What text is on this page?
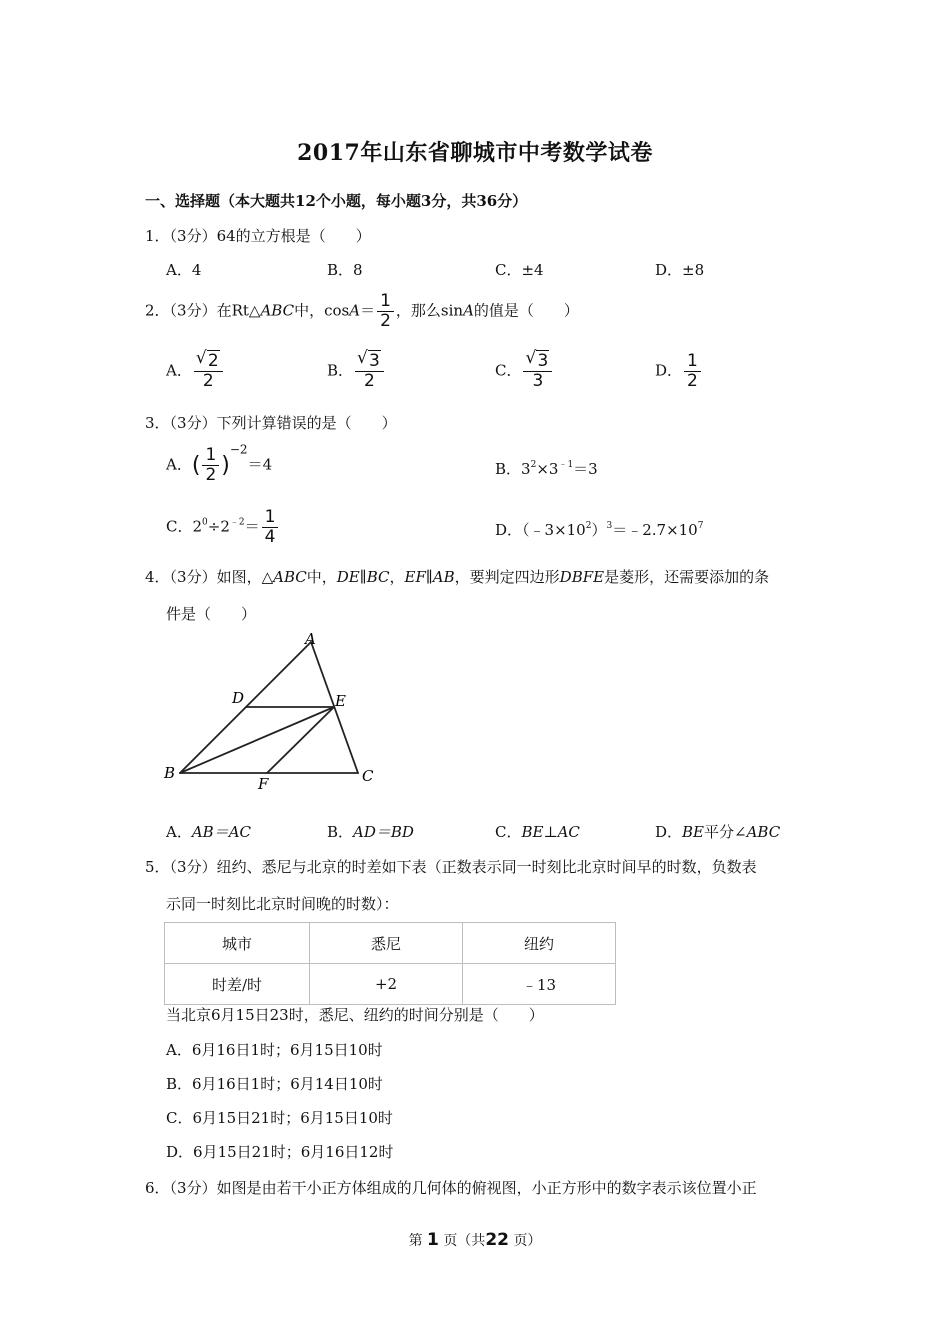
2017年山东省聊城市中考数学试卷
一、选择题（本大题共12个小题，每小题3分，共36分）
1．（3分）64的立方根是（　　）
A．4	B．8	C．±4	D．±8
2．（3分）在Rt△ABC中，$\cos A= \frac{1}{2}$ ，那么sinA的值是（　　）
A． $\frac{√ 2}{2}$	B． $\frac{√ 3}{2}$	C． $\frac{√ 3}{3}$	D． $\frac{1}{2}$
3．（3分）下列计算错误的是（　　）
A．( $\frac{1}{2} )^{-2}=4$	B．$3^2\times 3^{﹣1}=3$
C．$2^0\div 2^{﹣2}= \frac{1}{4}$	D．$(﹣3\times 10^2)^3=﹣2.7\times 10^7$
4．（3分）如图，△ABC中，DE∥BC，EF∥AB，要判定四边形DBFE是菱形，还需要添加的条
件是（　　）
A
B	C
D	E
F
A．AB＝AC	B．AD＝BD	C．BE⊥AC	D．BE平分∠ABC
5．（3分）纽约、悉尼与北京的时差如下表（正数表示同一时刻比北京时间早的时数，负数表
示同一时刻比北京时间晚的时数）：
城市	悉尼	纽约
时差/时	+2	﹣13
当北京6月15日23时，悉尼、纽约的时间分别是（　　）
A．6月16日1时；6月15日10时
B．6月16日1时；6月14日10时
C．6月15日21时；6月15日10时
D．6月15日21时；6月16日12时
6．（3分）如图是由若干小正方体组成的几何体的俯视图，小正方形中的数字表示该位置小正
第 1 页（共22 页）
